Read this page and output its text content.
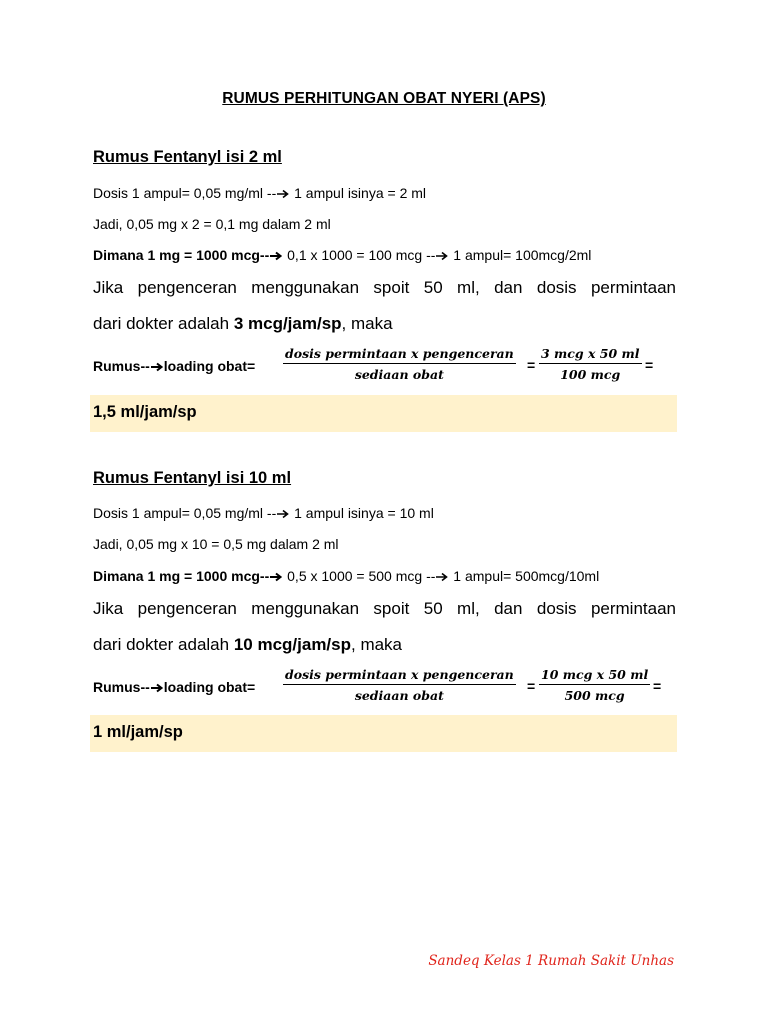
RUMUS PERHITUNGAN OBAT NYERI (APS)
Rumus Fentanyl isi 2 ml
Dosis 1 ampul= 0,05 mg/ml -- 1 ampul isinya = 2 ml
Jadi, 0,05 mg x 2 = 0,1 mg dalam 2 ml
Dimana 1 mg = 1000 mcg-- 0,1 x 1000 = 100 mcg -- 1 ampul= 100mcg/2ml
Jika pengenceran menggunakan spoit 50 ml, dan dosis permintaan
dari dokter adalah 3 mcg/jam/sp, maka
Rumus-- loading obat=
dosis permintaan x pengenceran
sediaan obat
=
3 mcg x 50 ml
100 mcg
=
1,5 ml/jam/sp
Rumus Fentanyl isi 10 ml
Dosis 1 ampul= 0,05 mg/ml -- 1 ampul isinya = 10 ml
Jadi, 0,05 mg x 10 = 0,5 mg dalam 2 ml
Dimana 1 mg = 1000 mcg-- 0,5 x 1000 = 500 mcg -- 1 ampul= 500mcg/10ml
Jika pengenceran menggunakan spoit 50 ml, dan dosis permintaan
dari dokter adalah 10 mcg/jam/sp, maka
Rumus-- loading obat=
dosis permintaan x pengenceran
sediaan obat
=
10 mcg x 50 ml
500 mcg
=
1 ml/jam/sp
Sandeq Kelas 1 Rumah Sakit Unhas
